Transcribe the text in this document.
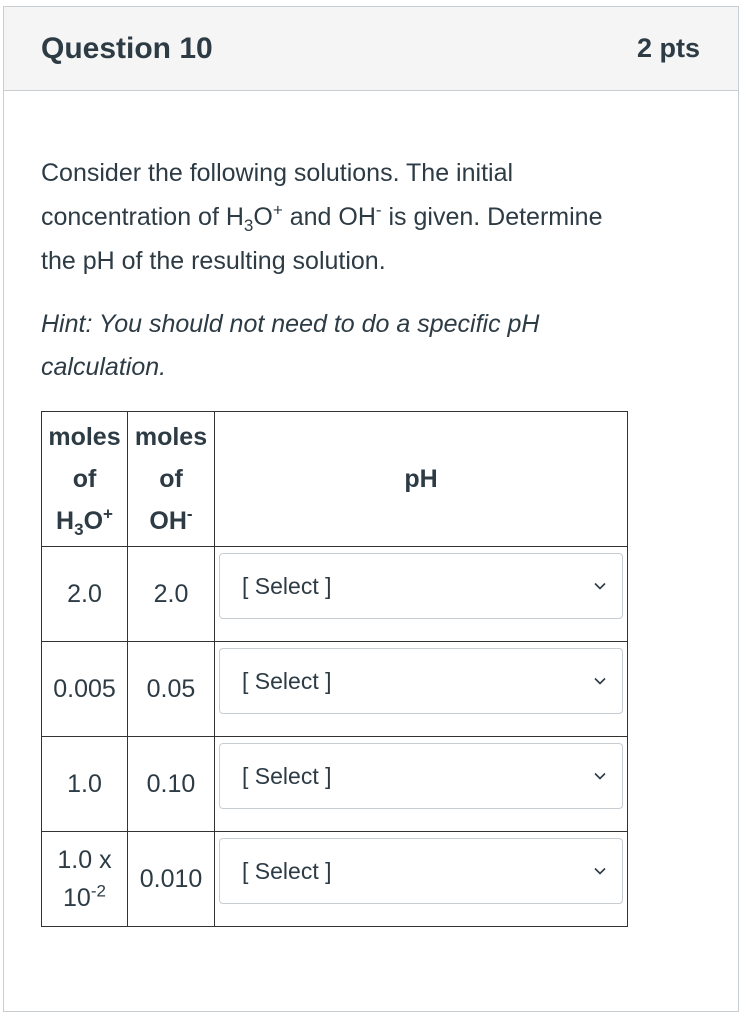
Question 10	2 pts
Consider the following solutions. The initial concentration of $H_3O^+$ and OH- is given. Determine the pH of the resulting solution.
Hint: You should not need to do a specific pH calculation.
moles
of
$H_3O^+$	moles
of
OH-	pH
2.0	2.0	[ Select ]

0.005	0.05	[ Select ]

1.0	0.10	[ Select ]

1.0 x
$10^{-2}$	0.010	[ Select ]
